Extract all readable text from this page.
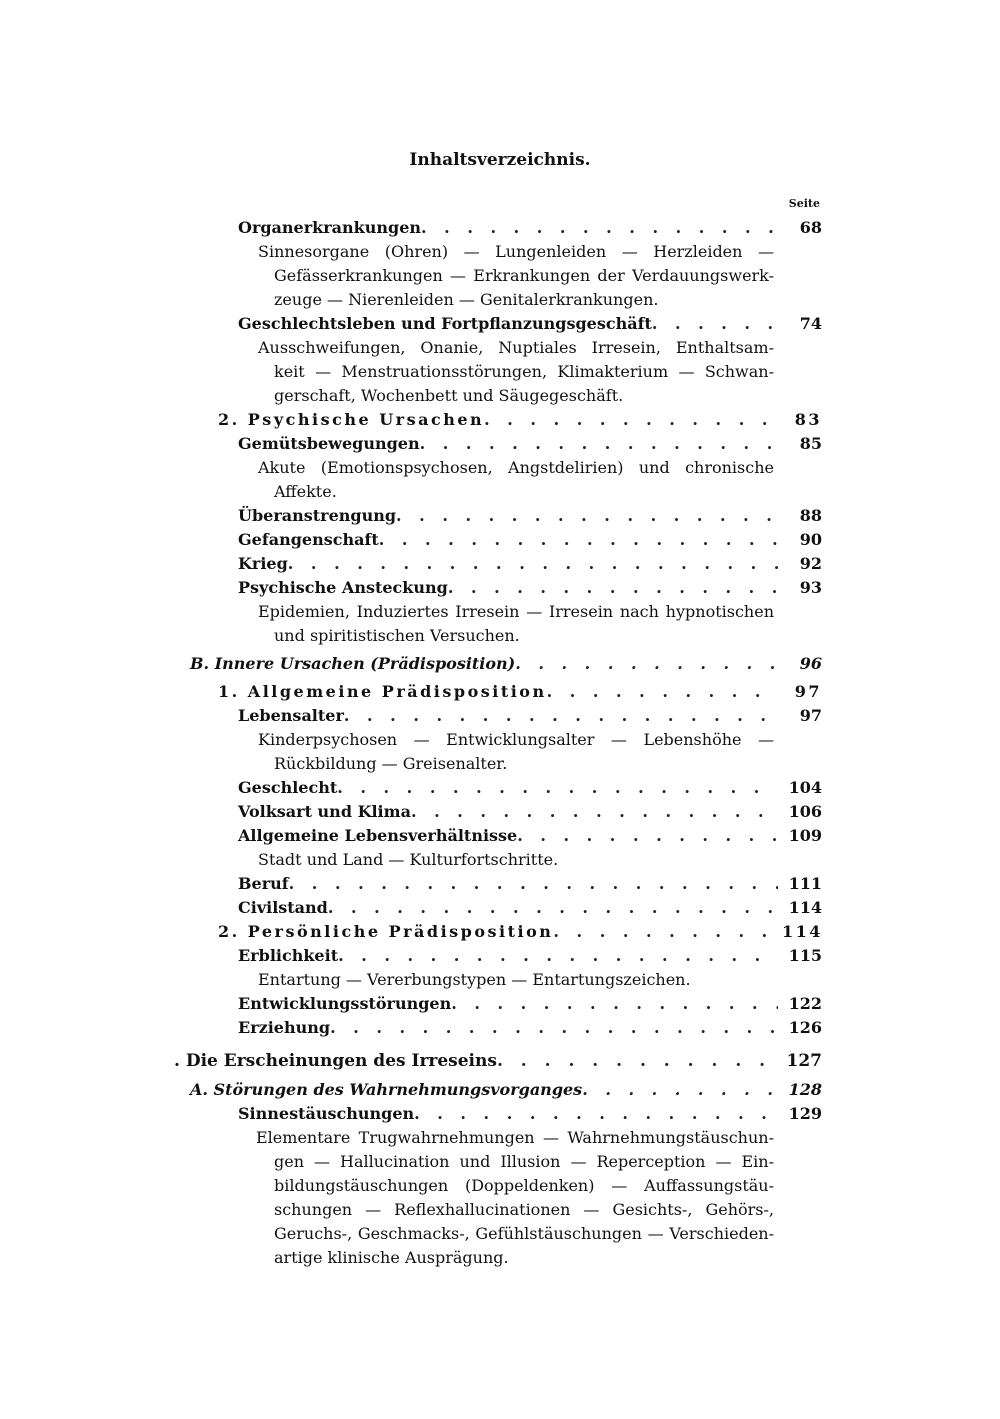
Inhaltsverzeichnis.
Seite
Organerkrankungen . . .	68
Sinnesorgane (Ohren) — Lungenleiden — Herzleiden —
Gefässerkrankungen — Erkrankungen der Verdauungswerk-
zeuge — Nierenleiden — Genitalerkrankungen.
Geschlechtsleben und Fortpflanzungsgeschäft . . .	74
Ausschweifungen, Onanie, Nuptiales Irresein, Enthaltsam-
keit — Menstruationsstörungen, Klimakterium — Schwan-
gerschaft, Wochenbett und Säugegeschäft.
2. Psychische Ursachen . . .	83
Gemütsbewegungen . . .	85
Akute (Emotionspsychosen, Angstdelirien) und chronische
Affekte.
Überanstrengung . . .	88
Gefangenschaft . . .	90
Krieg . . .	92
Psychische Ansteckung . . .	93
Epidemien, Induziertes Irresein — Irresein nach hypnotischen
und spiritistischen Versuchen.
B. Innere Ursachen (Prädisposition) . . .	96
1. Allgemeine Prädisposition . . .	97
Lebensalter . . .	97
Kinderpsychosen — Entwicklungsalter — Lebenshöhe —
Rückbildung — Greisenalter.
Geschlecht . . .	104
Volksart und Klima . . .	106
Allgemeine Lebensverhältnisse . . .	109
Stadt und Land — Kulturfortschritte.
Beruf . . .	111
Civilstand . . .	114
2. Persönliche Prädisposition . . .	114
Erblichkeit . . .	115
Entartung — Vererbungstypen — Entartungszeichen.
Entwicklungsstörungen . . .	122
Erziehung . . .	126
. Die Erscheinungen des Irreseins . . .	127
A. Störungen des Wahrnehmungsvorganges . . .	128
Sinnestäuschungen . . .	129
Elementare Trugwahrnehmungen — Wahrnehmungstäuschun-
gen — Hallucination und Illusion — Reperception — Ein-
bildungstäuschungen (Doppeldenken) — Auffassungstäu-
schungen — Reflexhallucinationen — Gesichts-, Gehörs-,
Geruchs-, Geschmacks-, Gefühlstäuschungen — Verschieden-
artige klinische Ausprägung.
